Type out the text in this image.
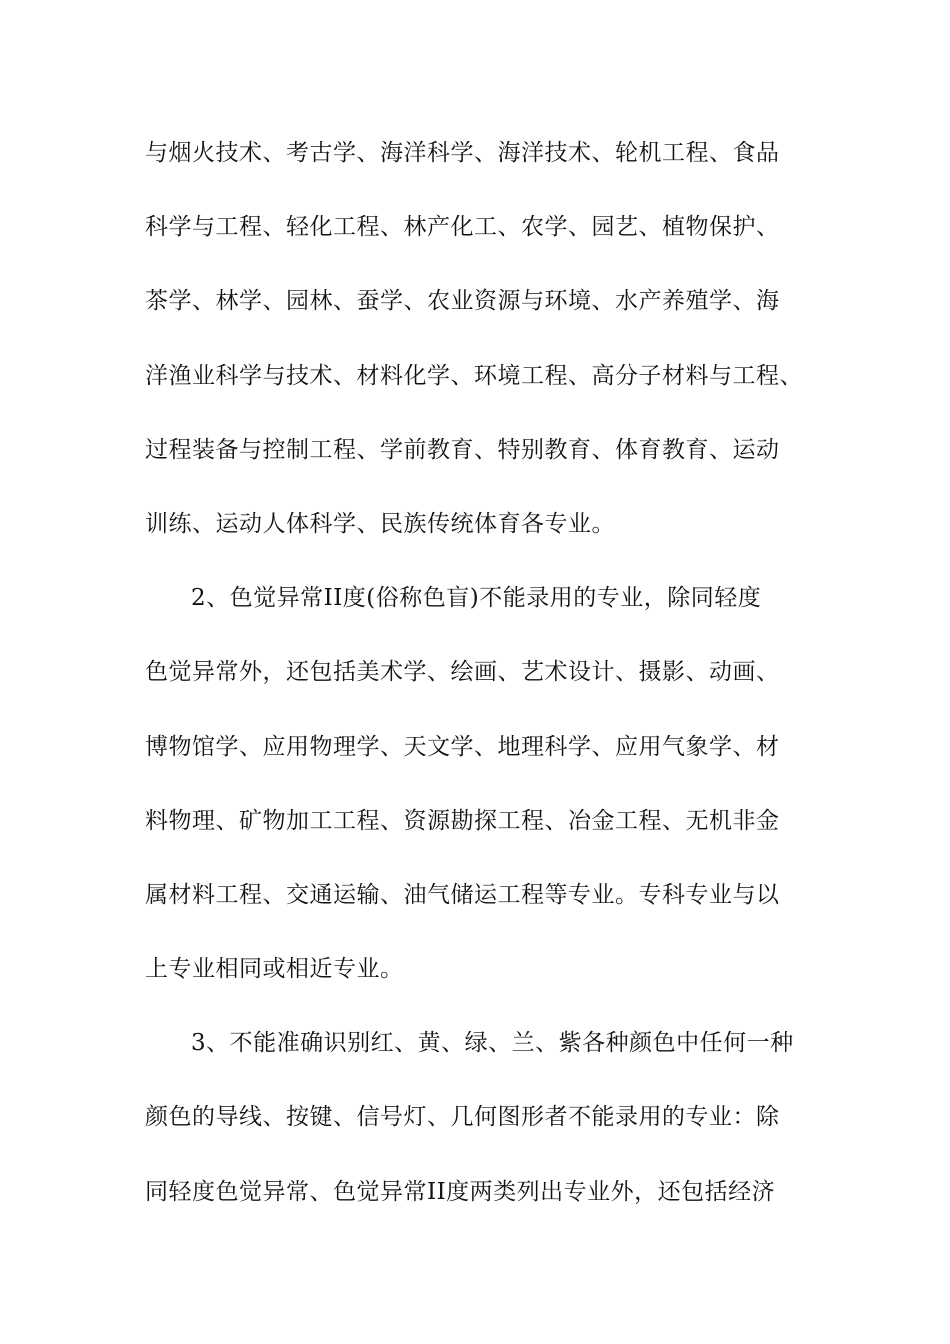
与烟火技术、考古学、海洋科学、海洋技术、轮机工程、食品
科学与工程、轻化工程、林产化工、农学、园艺、植物保护、
茶学、林学、园林、蚕学、农业资源与环境、水产养殖学、海
洋渔业科学与技术、材料化学、环境工程、高分子材料与工程、
过程装备与控制工程、学前教育、特别教育、体育教育、运动
训练、运动人体科学、民族传统体育各专业。
2、色觉异常II度(俗称色盲)不能录用的专业，除同轻度
色觉异常外，还包括美术学、绘画、艺术设计、摄影、动画、
博物馆学、应用物理学、天文学、地理科学、应用气象学、材
料物理、矿物加工工程、资源勘探工程、冶金工程、无机非金
属材料工程、交通运输、油气储运工程等专业。专科专业与以
上专业相同或相近专业。
3、不能准确识别红、黄、绿、兰、紫各种颜色中任何一种
颜色的导线、按键、信号灯、几何图形者不能录用的专业：除
同轻度色觉异常、色觉异常II度两类列出专业外，还包括经济
